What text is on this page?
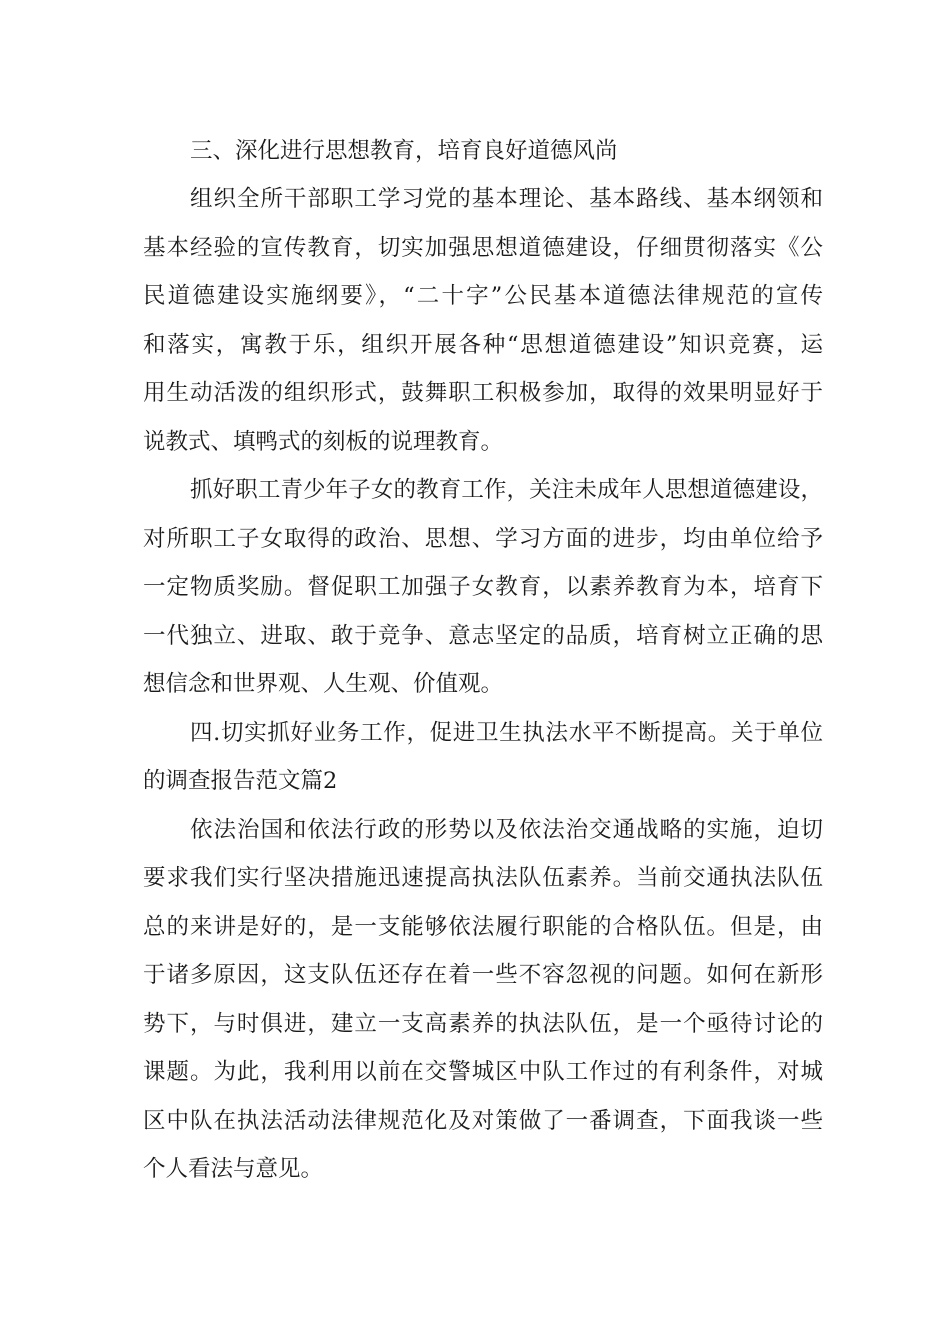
三、深化进行思想教育，培育良好道德风尚
组织全所干部职工学习党的基本理论、基本路线、基本纲领和
基本经验的宣传教育，切实加强思想道德建设，仔细贯彻落实《公
民道德建设实施纲要》，“二十字”公民基本道德法律规范的宣传
和落实，寓教于乐，组织开展各种“思想道德建设”知识竞赛，运
用生动活泼的组织形式，鼓舞职工积极参加，取得的效果明显好于
说教式、填鸭式的刻板的说理教育。
抓好职工青少年子女的教育工作，关注未成年人思想道德建设，
对所职工子女取得的政治、思想、学习方面的进步，均由单位给予
一定物质奖励。督促职工加强子女教育，以素养教育为本，培育下
一代独立、进取、敢于竞争、意志坚定的品质，培育树立正确的思
想信念和世界观、人生观、价值观。
四.切实抓好业务工作，促进卫生执法水平不断提高。关于单位
的调查报告范文篇2
依法治国和依法行政的形势以及依法治交通战略的实施，迫切
要求我们实行坚决措施迅速提高执法队伍素养。当前交通执法队伍
总的来讲是好的，是一支能够依法履行职能的合格队伍。但是，由
于诸多原因，这支队伍还存在着一些不容忽视的问题。如何在新形
势下，与时俱进，建立一支高素养的执法队伍，是一个亟待讨论的
课题。为此，我利用以前在交警城区中队工作过的有利条件，对城
区中队在执法活动法律规范化及对策做了一番调查，下面我谈一些
个人看法与意见。
